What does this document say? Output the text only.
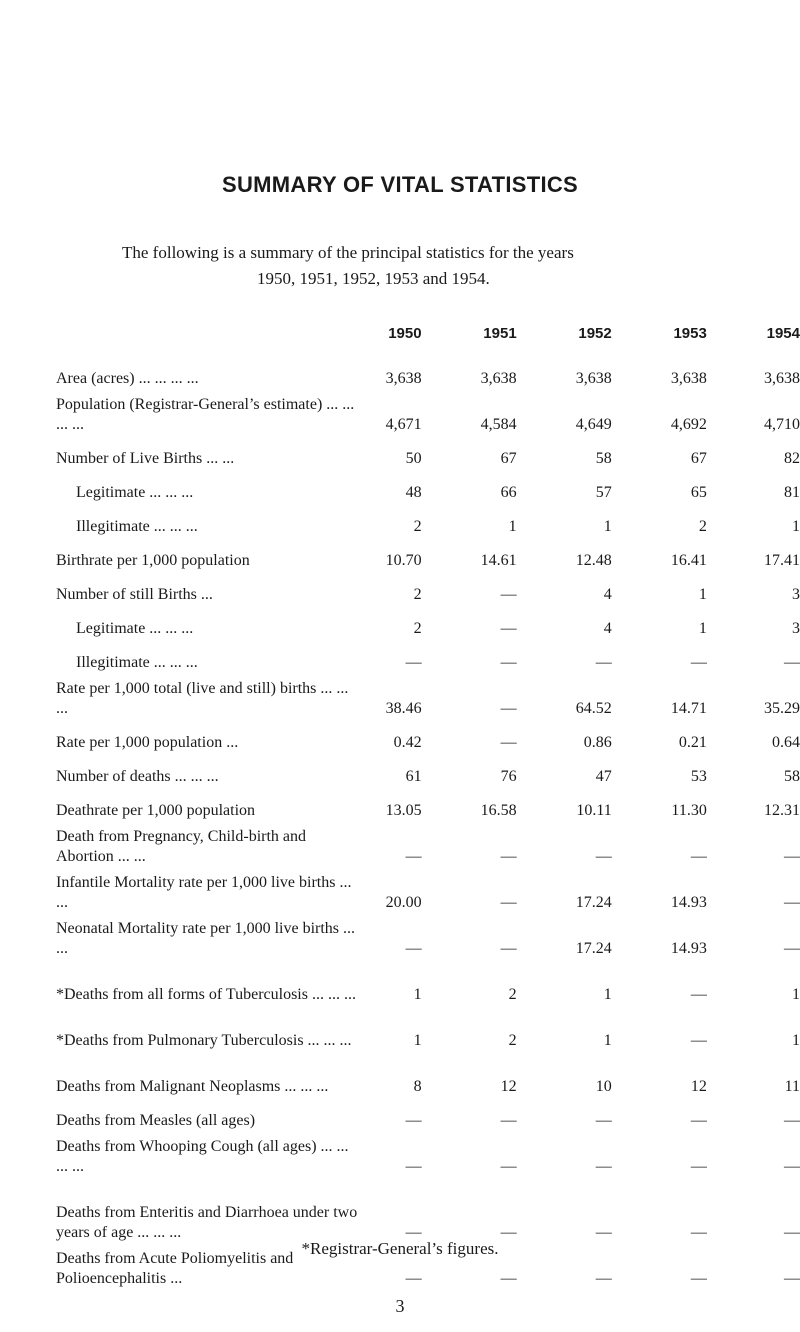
SUMMARY OF VITAL STATISTICS
The following is a summary of the principal statistics for the years
1950, 1951, 1952, 1953 and 1954.
	1950	1951	1952	1953	1954
Area (acres) ... ... ... ...	3,638	3,638	3,638	3,638	3,638
Population (Registrar-General’s estimate) ... ... ... ...	4,671	4,584	4,649	4,692	4,710
Number of Live Births ... ...	50	67	58	67	82
Legitimate ... ... ...	48	66	57	65	81
Illegitimate ... ... ...	2	1	1	2	1
Birthrate per 1,000 population	10.70	14.61	12.48	16.41	17.41
Number of still Births ...	2	—	4	1	3
Legitimate ... ... ...	2	—	4	1	3
Illegitimate ... ... ...	—	—	—	—	—
Rate per 1,000 total (live and still) births ... ... ...	38.46	—	64.52	14.71	35.29
Rate per 1,000 population ...	0.42	—	0.86	0.21	0.64
Number of deaths ... ... ...	61	76	47	53	58
Deathrate per 1,000 population	13.05	16.58	10.11	11.30	12.31
Death from Pregnancy, Child-birth and Abortion ... ...	—	—	—	—	—
Infantile Mortality rate per 1,000 live births ... ...	20.00	—	17.24	14.93	—
Neonatal Mortality rate per 1,000 live births ... ...	—	—	17.24	14.93	—
*Deaths from all forms of Tuberculosis ... ... ...	1	2	1	—	1
*Deaths from Pulmonary Tuberculosis ... ... ...	1	2	1	—	1
Deaths from Malignant Neoplasms ... ... ...	8	12	10	12	11
Deaths from Measles (all ages)	—	—	—	—	—
Deaths from Whooping Cough (all ages) ... ... ... ...	—	—	—	—	—
Deaths from Enteritis and Diarrhoea under two years of age ... ... ...	—	—	—	—	—
Deaths from Acute Poliomyelitis and Polioencephalitis ...	—	—	—	—	—
*Registrar-General’s figures.
3
